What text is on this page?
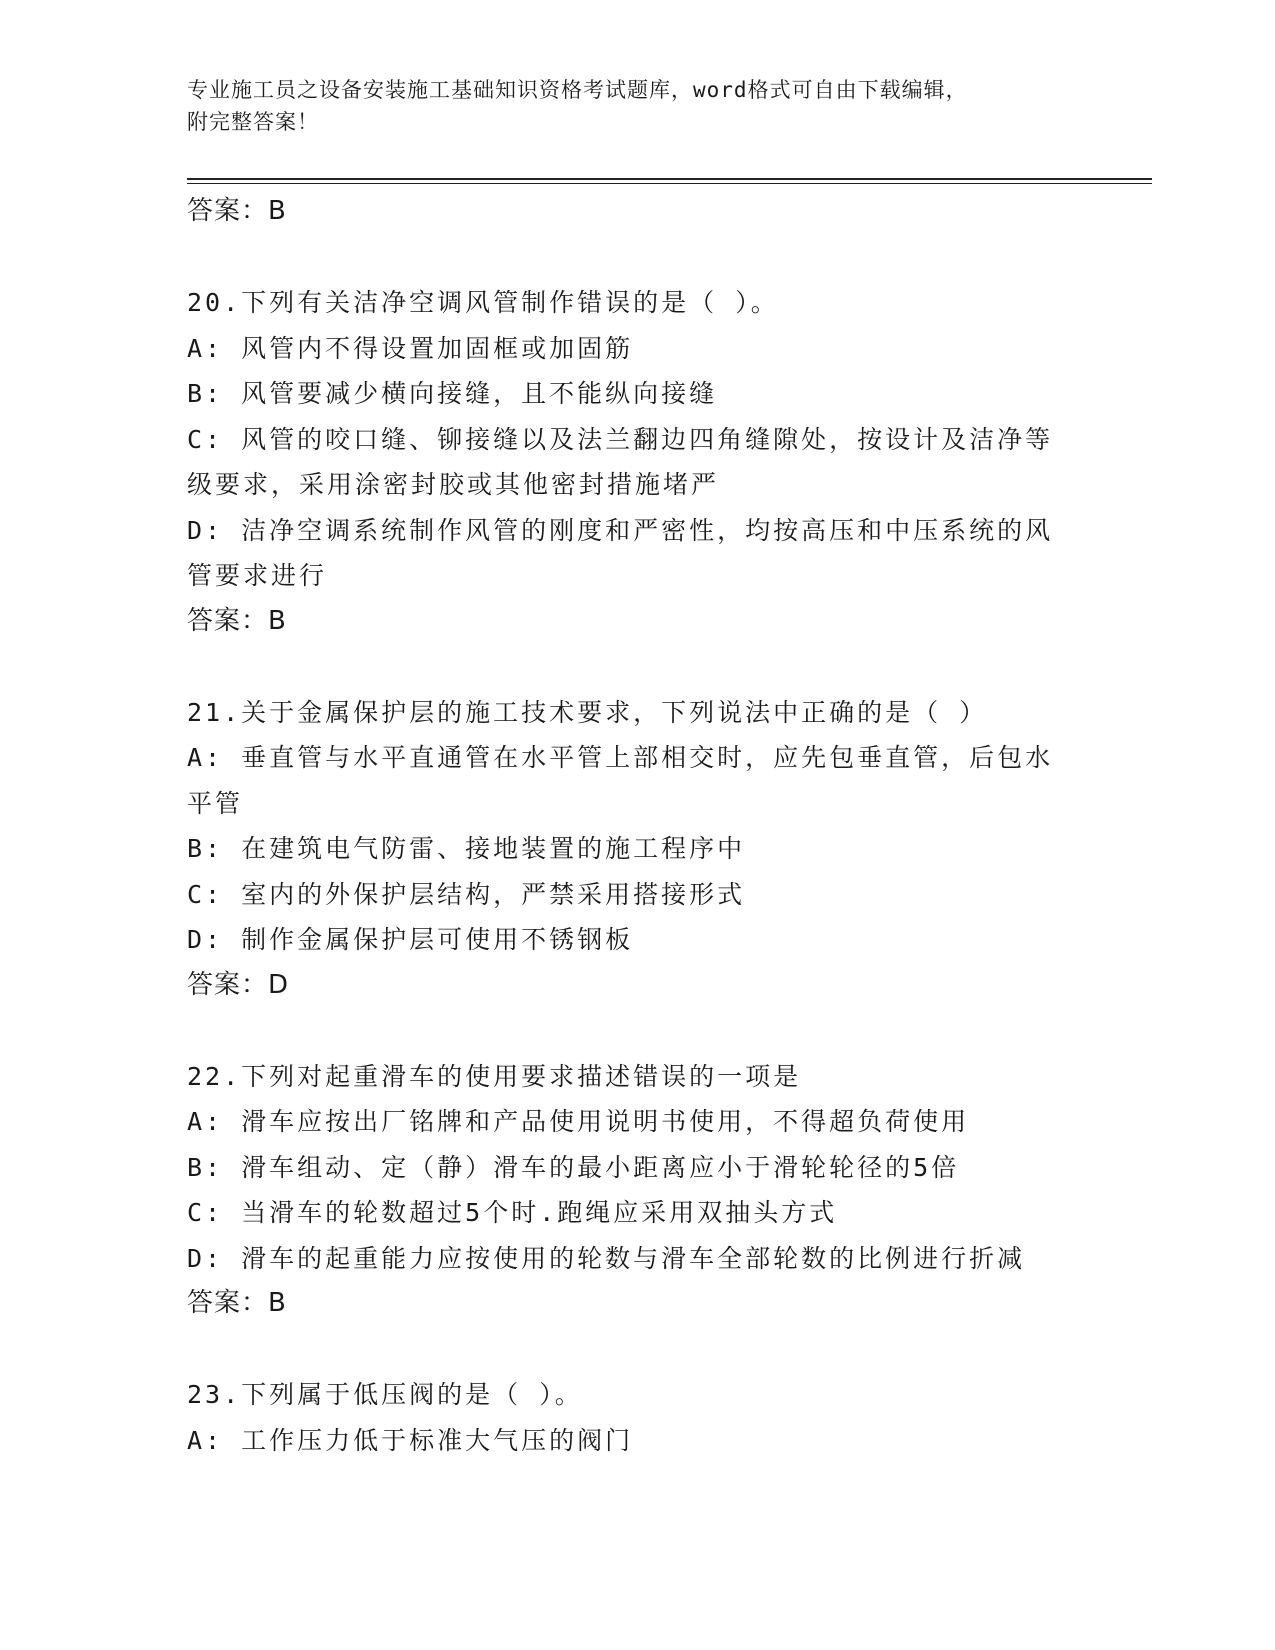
专业施工员之设备安装施工基础知识资格考试题库，word格式可自由下载编辑，
附完整答案！
答案：B
20.下列有关洁净空调风管制作错误的是（ ）。
A: 风管内不得设置加固框或加固筋
B: 风管要减少横向接缝，且不能纵向接缝
C: 风管的咬口缝、铆接缝以及法兰翻边四角缝隙处，按设计及洁净等
级要求，采用涂密封胶或其他密封措施堵严
D: 洁净空调系统制作风管的刚度和严密性，均按高压和中压系统的风
管要求进行
答案：B
21.关于金属保护层的施工技术要求，下列说法中正确的是（ ）
A: 垂直管与水平直通管在水平管上部相交时，应先包垂直管，后包水
平管
B: 在建筑电气防雷、接地装置的施工程序中
C: 室内的外保护层结构，严禁采用搭接形式
D: 制作金属保护层可使用不锈钢板
答案：D
22.下列对起重滑车的使用要求描述错误的一项是
A: 滑车应按出厂铭牌和产品使用说明书使用，不得超负荷使用
B: 滑车组动、定（静）滑车的最小距离应小于滑轮轮径的5倍
C: 当滑车的轮数超过5个时.跑绳应采用双抽头方式
D: 滑车的起重能力应按使用的轮数与滑车全部轮数的比例进行折减
答案：B
23.下列属于低压阀的是（ ）。
A: 工作压力低于标准大气压的阀门
